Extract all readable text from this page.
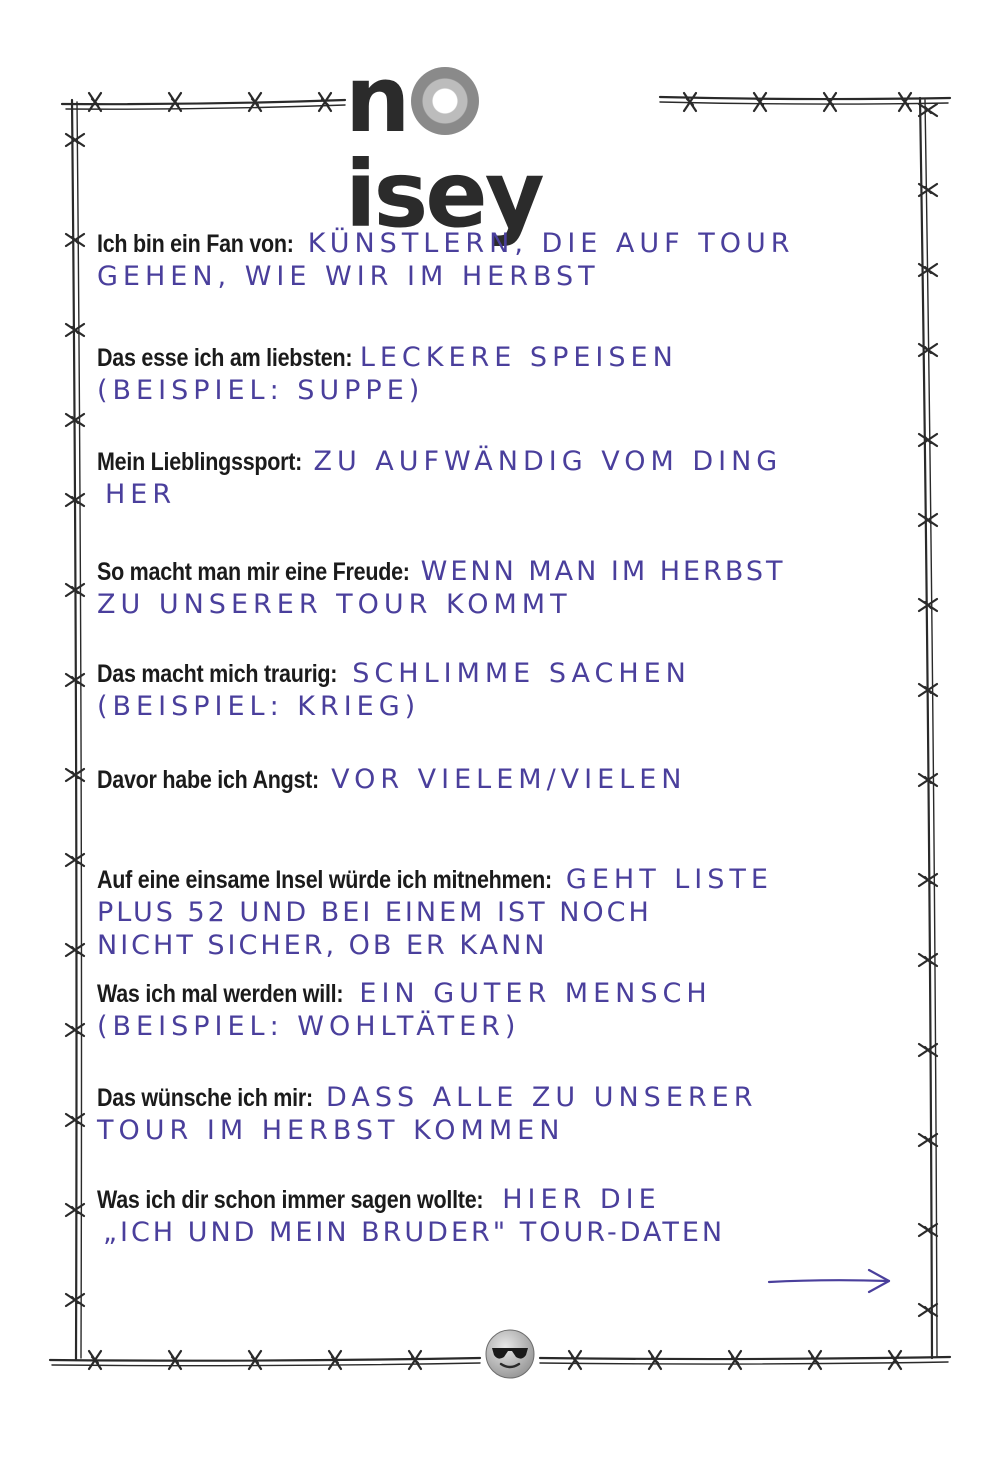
nisey
Ich bin ein Fan von: KÜNSTLERN, DIE AUF TOUR
GEHEN, WIE WIR IM HERBST
Das esse ich am liebsten: LECKERE SPEISEN
(BEISPIEL: SUPPE)
Mein Lieblingssport: ZU AUFWÄNDIG VOM DING
HER
So macht man mir eine Freude: WENN MAN IM HERBST
ZU UNSERER TOUR KOMMT
Das macht mich traurig: SCHLIMME SACHEN
(BEISPIEL: KRIEG)
Davor habe ich Angst: VOR VIELEM/VIELEN
Auf eine einsame Insel würde ich mitnehmen: GEHT LISTE
PLUS 52 UND BEI EINEM IST NOCH
NICHT SICHER, OB ER KANN
Was ich mal werden will: EIN GUTER MENSCH
(BEISPIEL: WOHLTÄTER)
Das wünsche ich mir: DASS ALLE ZU UNSERER
TOUR IM HERBST KOMMEN
Was ich dir schon immer sagen wollte: HIER DIE
„ICH UND MEIN BRUDER" TOUR-DATEN
